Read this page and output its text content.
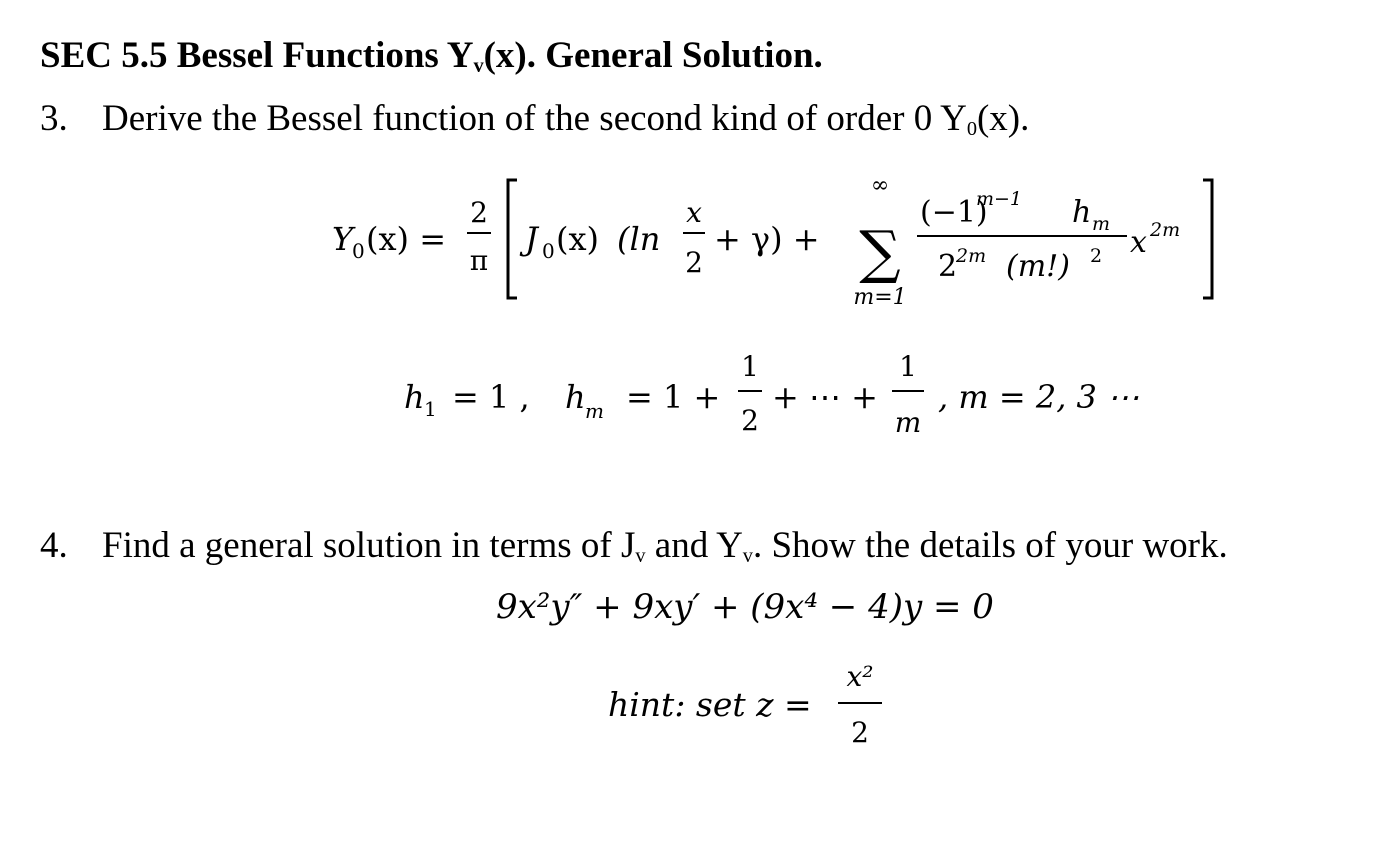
SEC 5.5 Bessel Functions $Y_v(x)$. General Solution.
3. Derive the Bessel function of the second kind of order 0 $Y_0(x)$.
4. Find a general solution in terms of $J_v$ and $Y_v$. Show the details of your work.
Y
0 (x) =
2
π
J 0 (x) (ln
x
2
+ γ) +
∞
∑
m=1
(−1)
m−1 h m
2
2m (m!) 2 x 2m
h 1 = 1 , h m = 1 +
1
2
+ ⋯ +
1
m
, m = 2, 3 ⋯
9x²y″ + 9xy′ + (9x⁴ − 4)y = 0
hint: set z =
x²
2
